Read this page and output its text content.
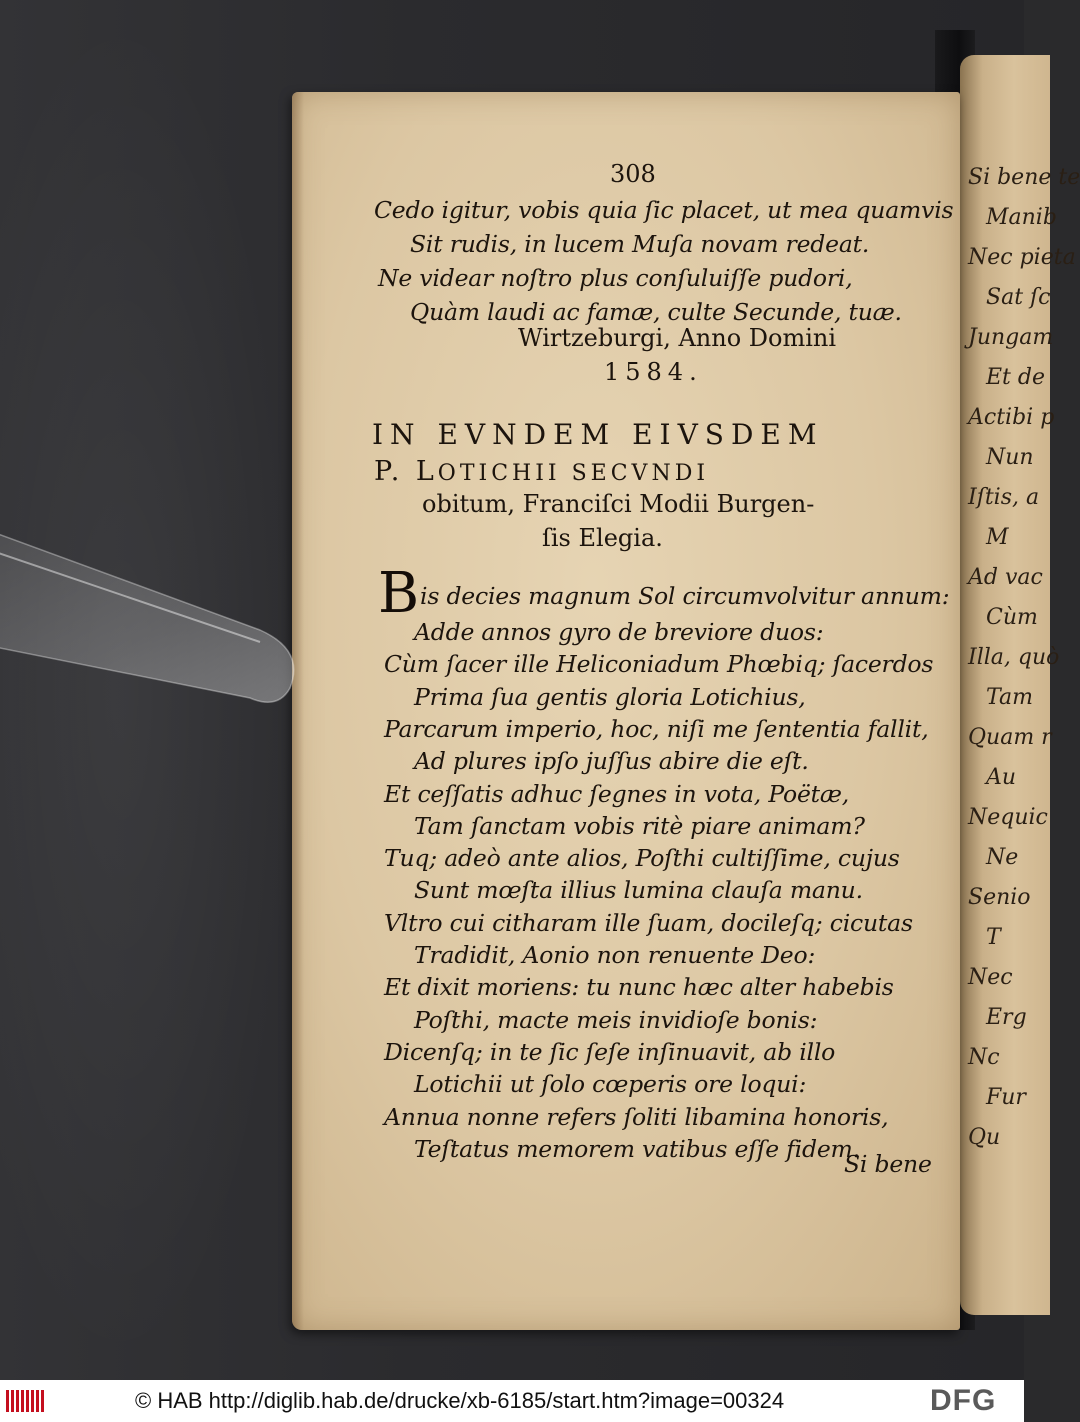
Si bene te
Manib
Nec pieta
Sat ſc
Jungam
Et de
Actibi p
Nun
Iſtis, a
M
Ad vac
Cùm
Illa, quò
Tam
Quam r
Au
Nequic
Ne
Senio
T
Nec
Erg
Nc
Fur
Qu
308
Cedo igitur, vobis quia ſic placet, ut mea quamvis
Sit rudis, in lucem Muſa novam redeat.
Ne videar noſtro plus conſuluiſſe pudori,
Quàm laudi ac famæ, culte Secunde, tuæ.
Wirtzeburgi, Anno Domini
1584.
IN EVNDEM EIVSDEM
P. LOTICHII SECVNDI
obitum, Franciſci Modii Burgen-
ſis Elegia.
B is decies magnum Sol circumvolvitur annum:
Adde annos gyro de breviore duos:
Cùm ſacer ille Heliconiadum Phœbiq; ſacerdos
Prima ſua gentis gloria Lotichius,
Parcarum imperio, hoc, niſi me ſententia fallit,
Ad plures ipſo juſſus abire die eſt.
Et ceſſatis adhuc ſegnes in vota, Poëtæ,
Tam ſanctam vobis ritè piare animam?
Tuq; adeò ante alios, Poſthi cultiſſime, cujus
Sunt mœſta illius lumina clauſa manu.
Vltro cui citharam ille ſuam, docileſq; cicutas
Tradidit, Aonio non renuente Deo:
Et dixit moriens: tu nunc hæc alter habebis
Poſthi, macte meis invidioſe bonis:
Dicenſq; in te ſic ſeſe inſinuavit, ab illo
Lotichii ut ſolo cœperis ore loqui:
Annua nonne refers ſoliti libamina honoris,
Teſtatus memorem vatibus eſſe fidem.
Si bene
© HAB http://diglib.hab.de/drucke/xb-6185/start.htm?image=00324	DFG
